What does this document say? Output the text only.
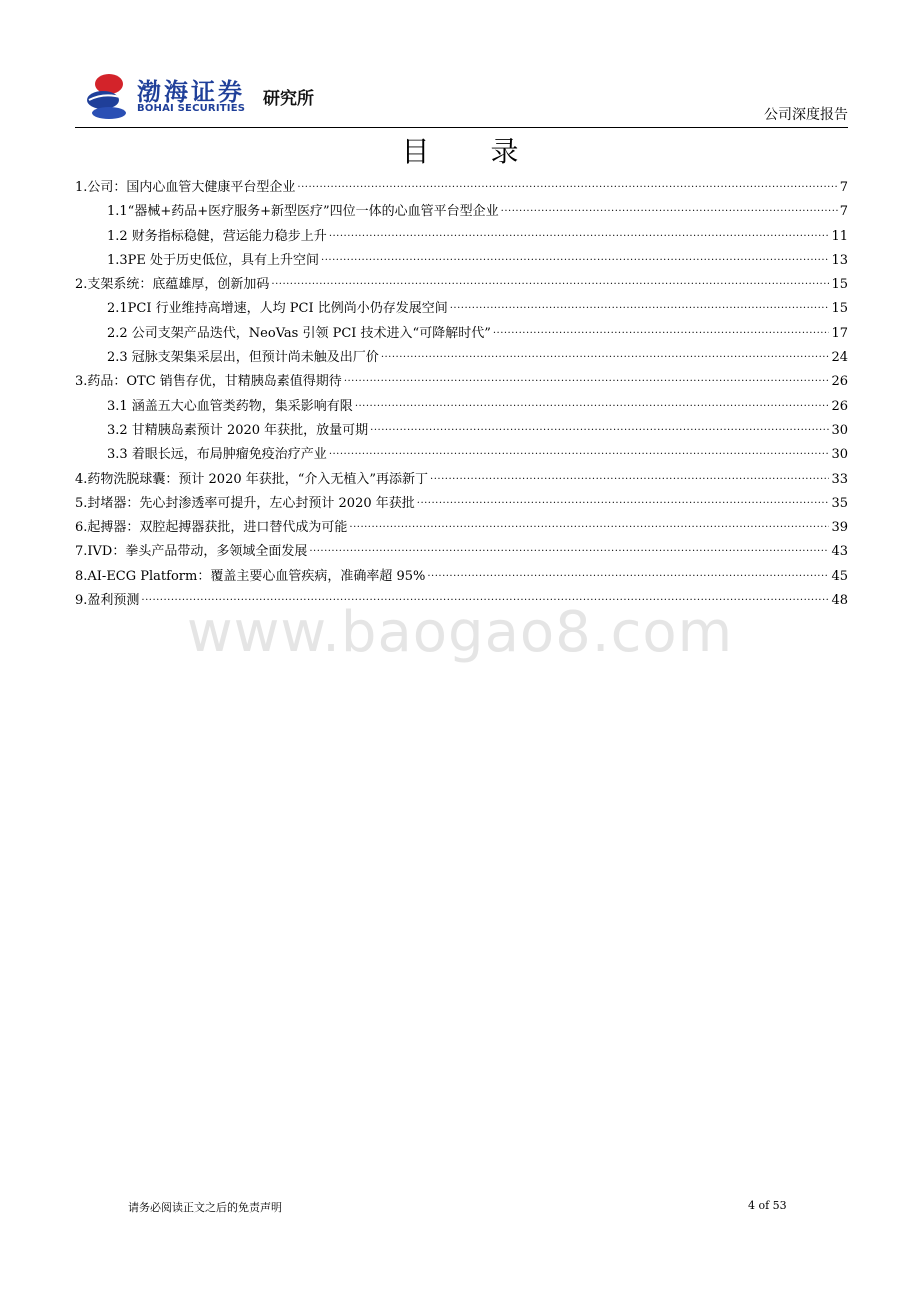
渤海证券
BOHAI SECURITIES 研究所
公司深度报告
目 录
1.公司：国内心血管大健康平台型企业 .....	7
1.1“器械+药品+医疗服务+新型医疗”四位一体的心血管平台型企业 .....	7
1.2 财务指标稳健，营运能力稳步上升 .....	11
1.3PE 处于历史低位，具有上升空间 .....	13
2.支架系统：底蕴雄厚，创新加码 .....	15
2.1PCI 行业维持高增速，人均 PCI 比例尚小仍存发展空间 .....	15
2.2 公司支架产品迭代，NeoVas 引领 PCI 技术进入“可降解时代” .....	17
2.3 冠脉支架集采层出，但预计尚未触及出厂价 .....	24
3.药品：OTC 销售存优，甘精胰岛素值得期待 .....	26
3.1 涵盖五大心血管类药物，集采影响有限 .....	26
3.2 甘精胰岛素预计 2020 年获批，放量可期 .....	30
3.3 着眼长远，布局肿瘤免疫治疗产业 .....	30
4.药物洗脱球囊：预计 2020 年获批，“介入无植入”再添新丁 .....	33
5.封堵器：先心封渗透率可提升，左心封预计 2020 年获批 .....	35
6.起搏器：双腔起搏器获批，进口替代成为可能 .....	39
7.IVD：拳头产品带动，多领域全面发展 .....	43
8.AI-ECG Platform：覆盖主要心血管疾病，准确率超 95% .....	45
9.盈利预测 .....	48
www.baogao8.com
请务必阅读正文之后的免责声明	4 of 53
